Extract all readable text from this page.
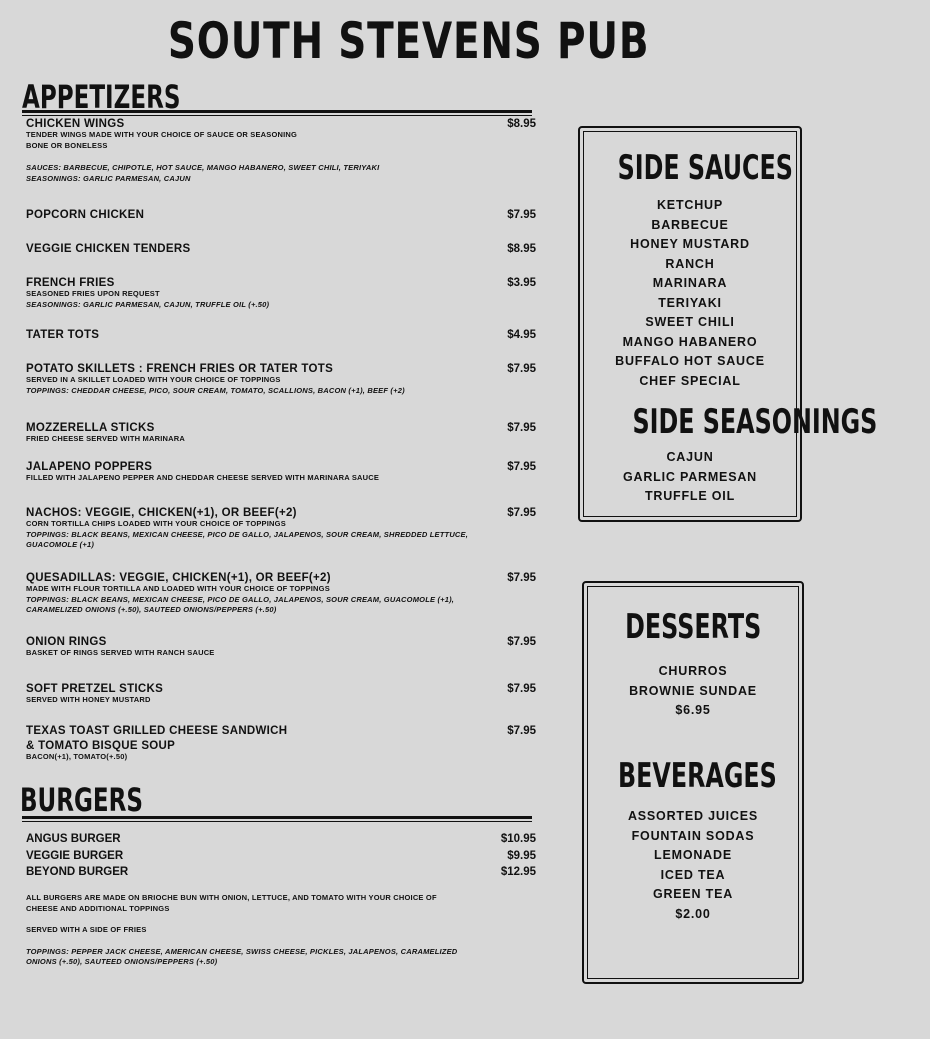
SOUTH STEVENS PUB
APPETIZERS
CHICKEN WINGS	$8.95
TENDER WINGS MADE WITH YOUR CHOICE OF SAUCE OR SEASONING
BONE OR BONELESS
SAUCES: BARBECUE, CHIPOTLE, HOT SAUCE, MANGO HABANERO, SWEET CHILI, TERIYAKI
SEASONINGS: GARLIC PARMESAN, CAJUN
POPCORN CHICKEN	$7.95
VEGGIE CHICKEN TENDERS	$8.95
FRENCH FRIES	$3.95
SEASONED FRIES UPON REQUEST
SEASONINGS: GARLIC PARMESAN, CAJUN, TRUFFLE OIL (+.50)
TATER TOTS	$4.95
POTATO SKILLETS : FRENCH FRIES OR TATER TOTS	$7.95
SERVED IN A SKILLET LOADED WITH YOUR CHOICE OF TOPPINGS
TOPPINGS: CHEDDAR CHEESE, PICO, SOUR CREAM, TOMATO, SCALLIONS, BACON (+1), BEEF (+2)
MOZZERELLA STICKS	$7.95
FRIED CHEESE SERVED WITH MARINARA
JALAPENO POPPERS	$7.95
FILLED WITH JALAPENO PEPPER AND CHEDDAR CHEESE SERVED WITH MARINARA SAUCE
NACHOS: VEGGIE, CHICKEN(+1), OR BEEF(+2)	$7.95
CORN TORTILLA CHIPS LOADED WITH YOUR CHOICE OF TOPPINGS
TOPPINGS: BLACK BEANS, MEXICAN CHEESE, PICO DE GALLO, JALAPENOS, SOUR CREAM, SHREDDED LETTUCE,
GUACOMOLE (+1)
QUESADILLAS: VEGGIE, CHICKEN(+1), OR BEEF(+2)	$7.95
MADE WITH FLOUR TORTILLA AND LOADED WITH YOUR CHOICE OF TOPPINGS
TOPPINGS: BLACK BEANS, MEXICAN CHEESE, PICO DE GALLO, JALAPENOS, SOUR CREAM, GUACOMOLE (+1),
CARAMELIZED ONIONS (+.50), SAUTEED ONIONS/PEPPERS (+.50)
ONION RINGS	$7.95
BASKET OF RINGS SERVED WITH RANCH SAUCE
SOFT PRETZEL STICKS	$7.95
SERVED WITH HONEY MUSTARD
TEXAS TOAST GRILLED CHEESE SANDWICH	$7.95
& TOMATO BISQUE SOUP
BACON(+1), TOMATO(+.50)
BURGERS
ANGUS BURGER	$10.95
VEGGIE BURGER	$9.95
BEYOND BURGER	$12.95
ALL BURGERS ARE MADE ON BRIOCHE BUN WITH ONION, LETTUCE, AND TOMATO WITH YOUR CHOICE OF
CHEESE AND ADDITIONAL TOPPINGS
SERVED WITH A SIDE OF FRIES
TOPPINGS: PEPPER JACK CHEESE, AMERICAN CHEESE, SWISS CHEESE, PICKLES, JALAPENOS, CARAMELIZED
ONIONS (+.50), SAUTEED ONIONS/PEPPERS (+.50)
SIDE SAUCES
KETCHUP
BARBECUE
HONEY MUSTARD
RANCH
MARINARA
TERIYAKI
SWEET CHILI
MANGO HABANERO
BUFFALO HOT SAUCE
CHEF SPECIAL
SIDE SEASONINGS
CAJUN
GARLIC PARMESAN
TRUFFLE OIL
DESSERTS
CHURROS
BROWNIE SUNDAE
$6.95
BEVERAGES
ASSORTED JUICES
FOUNTAIN SODAS
LEMONADE
ICED TEA
GREEN TEA
$2.00
